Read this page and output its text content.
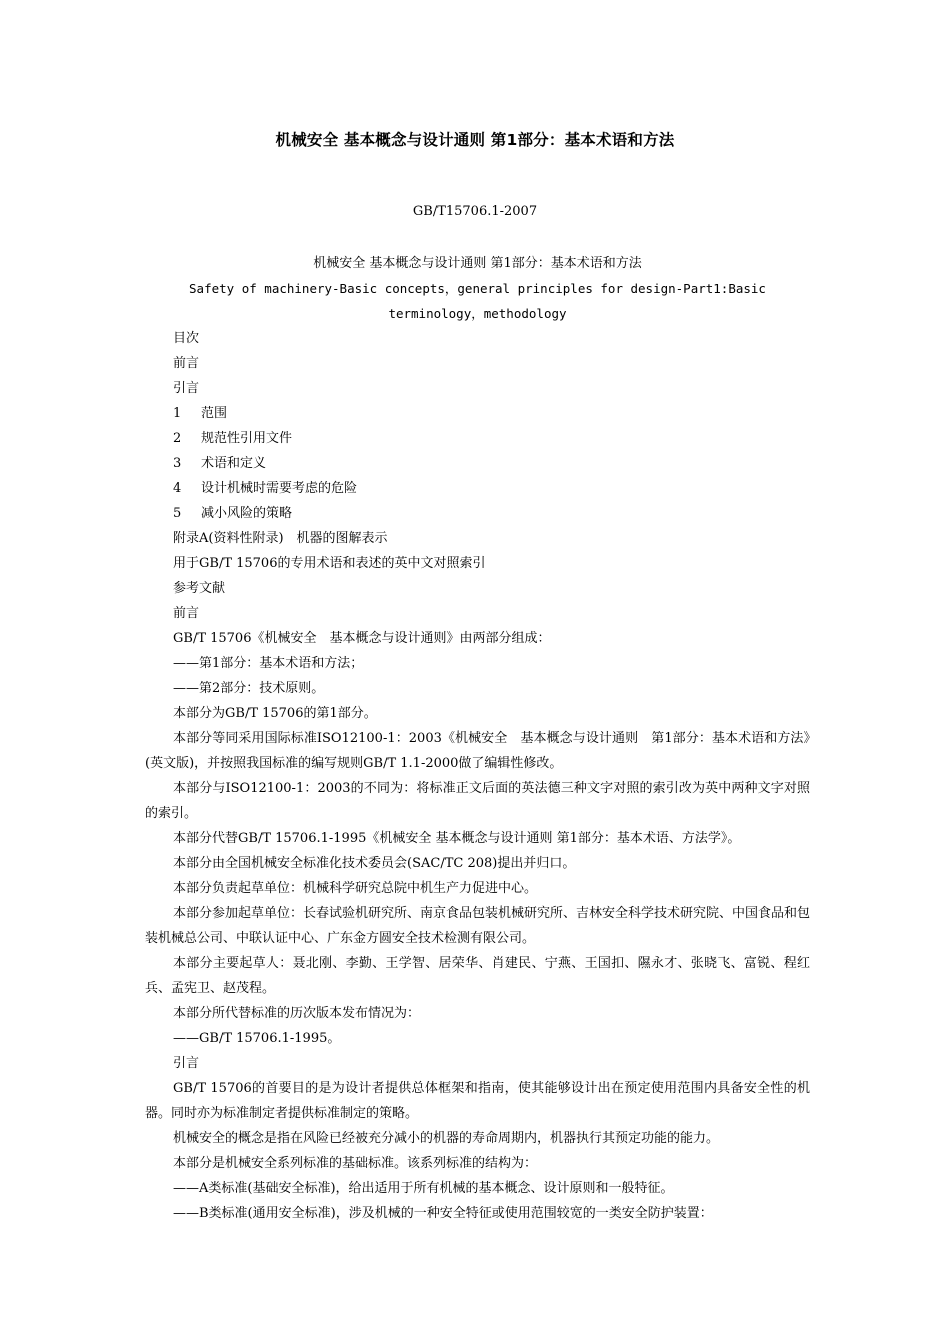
机械安全 基本概念与设计通则 第1部分：基本术语和方法
GB/T15706.1-2007

机械安全 基本概念与设计通则 第1部分：基本术语和方法

Safety of machinery-Basic concepts，general principles for design-Part1:Basic

terminology，methodology

目次

前言

引言

1 范围

2 规范性引用文件

3 术语和定义

4 设计机械时需要考虑的危险

5 减小风险的策略

附录A(资料性附录)　机器的图解表示

用于GB/T 15706的专用术语和表述的英中文对照索引

参考文献

前言

GB/T 15706《机械安全　基本概念与设计通则》由两部分组成：

——第1部分：基本术语和方法；

——第2部分：技术原则。

本部分为GB/T 15706的第1部分。

本部分等同采用国际标准ISO12100-1：2003《机械安全　基本概念与设计通则　第1部分：基本术语和方法》(英文版)，并按照我国标准的编写规则GB/T 1.1-2000做了编辑性修改。

本部分与ISO12100-1：2003的不同为：将标准正文后面的英法德三种文字对照的索引改为英中两种文字对照的索引。

本部分代替GB/T 15706.1-1995《机械安全 基本概念与设计通则 第1部分：基本术语、方法学》。

本部分由全国机械安全标准化技术委员会(SAC/TC 208)提出并归口。

本部分负责起草单位：机械科学研究总院中机生产力促进中心。

本部分参加起草单位：长春试验机研究所、南京食品包装机械研究所、吉林安全科学技术研究院、中国食品和包装机械总公司、中联认证中心、广东金方圆安全技术检测有限公司。

本部分主要起草人：聂北刚、李勤、王学智、居荣华、肖建民、宁燕、王国扣、隰永才、张晓飞、富锐、程红兵、孟宪卫、赵茂程。

本部分所代替标准的历次版本发布情况为：

——GB/T 15706.1-1995。

引言

GB/T 15706的首要目的是为设计者提供总体框架和指南，使其能够设计出在预定使用范围内具备安全性的机器。同时亦为标准制定者提供标准制定的策略。

机械安全的概念是指在风险已经被充分减小的机器的寿命周期内，机器执行其预定功能的能力。

本部分是机械安全系列标准的基础标准。该系列标准的结构为：

——A类标准(基础安全标准)，给出适用于所有机械的基本概念、设计原则和一般特征。

——B类标准(通用安全标准)，涉及机械的一种安全特征或使用范围较宽的一类安全防护装置：
